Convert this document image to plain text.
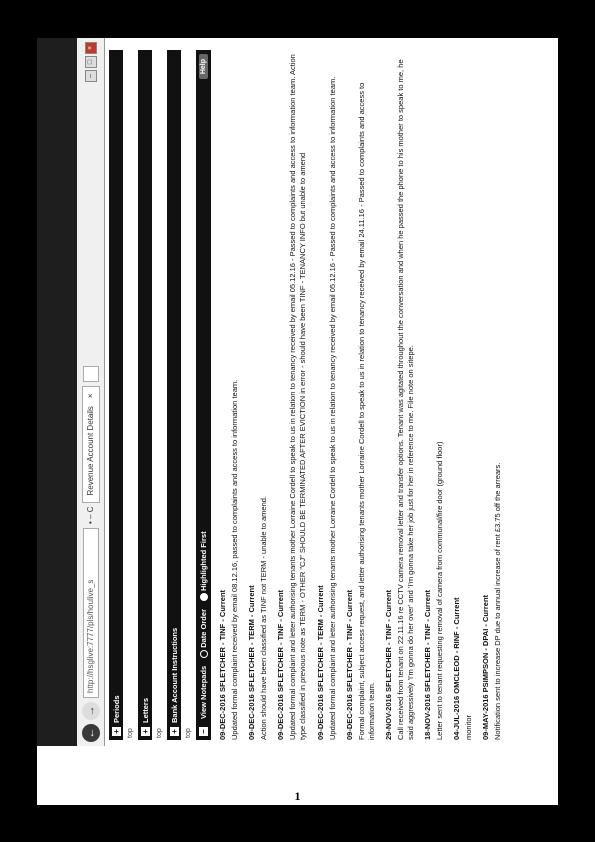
←
→
http://hsglive:7777/pls/houlive_s
• – C
Revenue Account Details
×
–
□
×
+
Periods
top +
Letters
top +
Bank Account Instructions
top –
View Notepads
Date Order
Highlighted First
Help
09-DEC-2016 SFLETCHER - TINF - Current Updated formal complaint received by email 08.12.16, passed to complaints and access to information team. 09-DEC-2016 SFLETCHER - TERM - Current Action should have been classified as TINF not TERM - unable to amend. 09-DEC-2016 SFLETCHER - TINF - Current Updated formal complaint and letter authorising tenants mother Lorraine Cordell to speak to us in relation to tenancy received by email 05.12.16 - Passed to complaints and access to information team. Action type classified in previous note as TERM - OTHER "CJ" SHOULD BE TERMINATED AFTER EVICTION in error - should have been TINF - TENANCY INFO but unable to amend 09-DEC-2016 SFLETCHER - TERM - Current Updated formal complaint and letter authorising tenants mother Lorraine Cordell to speak to us in relation to tenancy received by email 05.12.16 - Passed to complaints and access to information team. 09-DEC-2016 SFLETCHER - TINF - Current Formal complaint, subject access request, and letter authorising tenants mother Lorraine Cordell to speak to us in relation to tenancy received by email 24.11.16 - Passed to complaints and access to information team. 29-NOV-2016 SFLETCHER - TINF - Current Call received from tenant on 22.11.16 re CCTV camera removal letter and transfer options. Tenant was agitated throughout the conversation and when he passed the phone to his mother to speak to me, he said aggressively 'I'm gonna do her over' and 'I'm gonna take her job just for her in reference to me. File note on sitepe. 18-NOV-2016 SFLETCHER - TINF - Current Letter sent to tenant requesting removal of camera from communal/fire door (ground floor) 04-JUL-2016 OMCLEOD - RINF - Current monitor 09-MAY-2016 PSIMPSON - DPAI - Current Notification sent to increase DP due to annual increase of rent £3.75 off the arrears.
1
